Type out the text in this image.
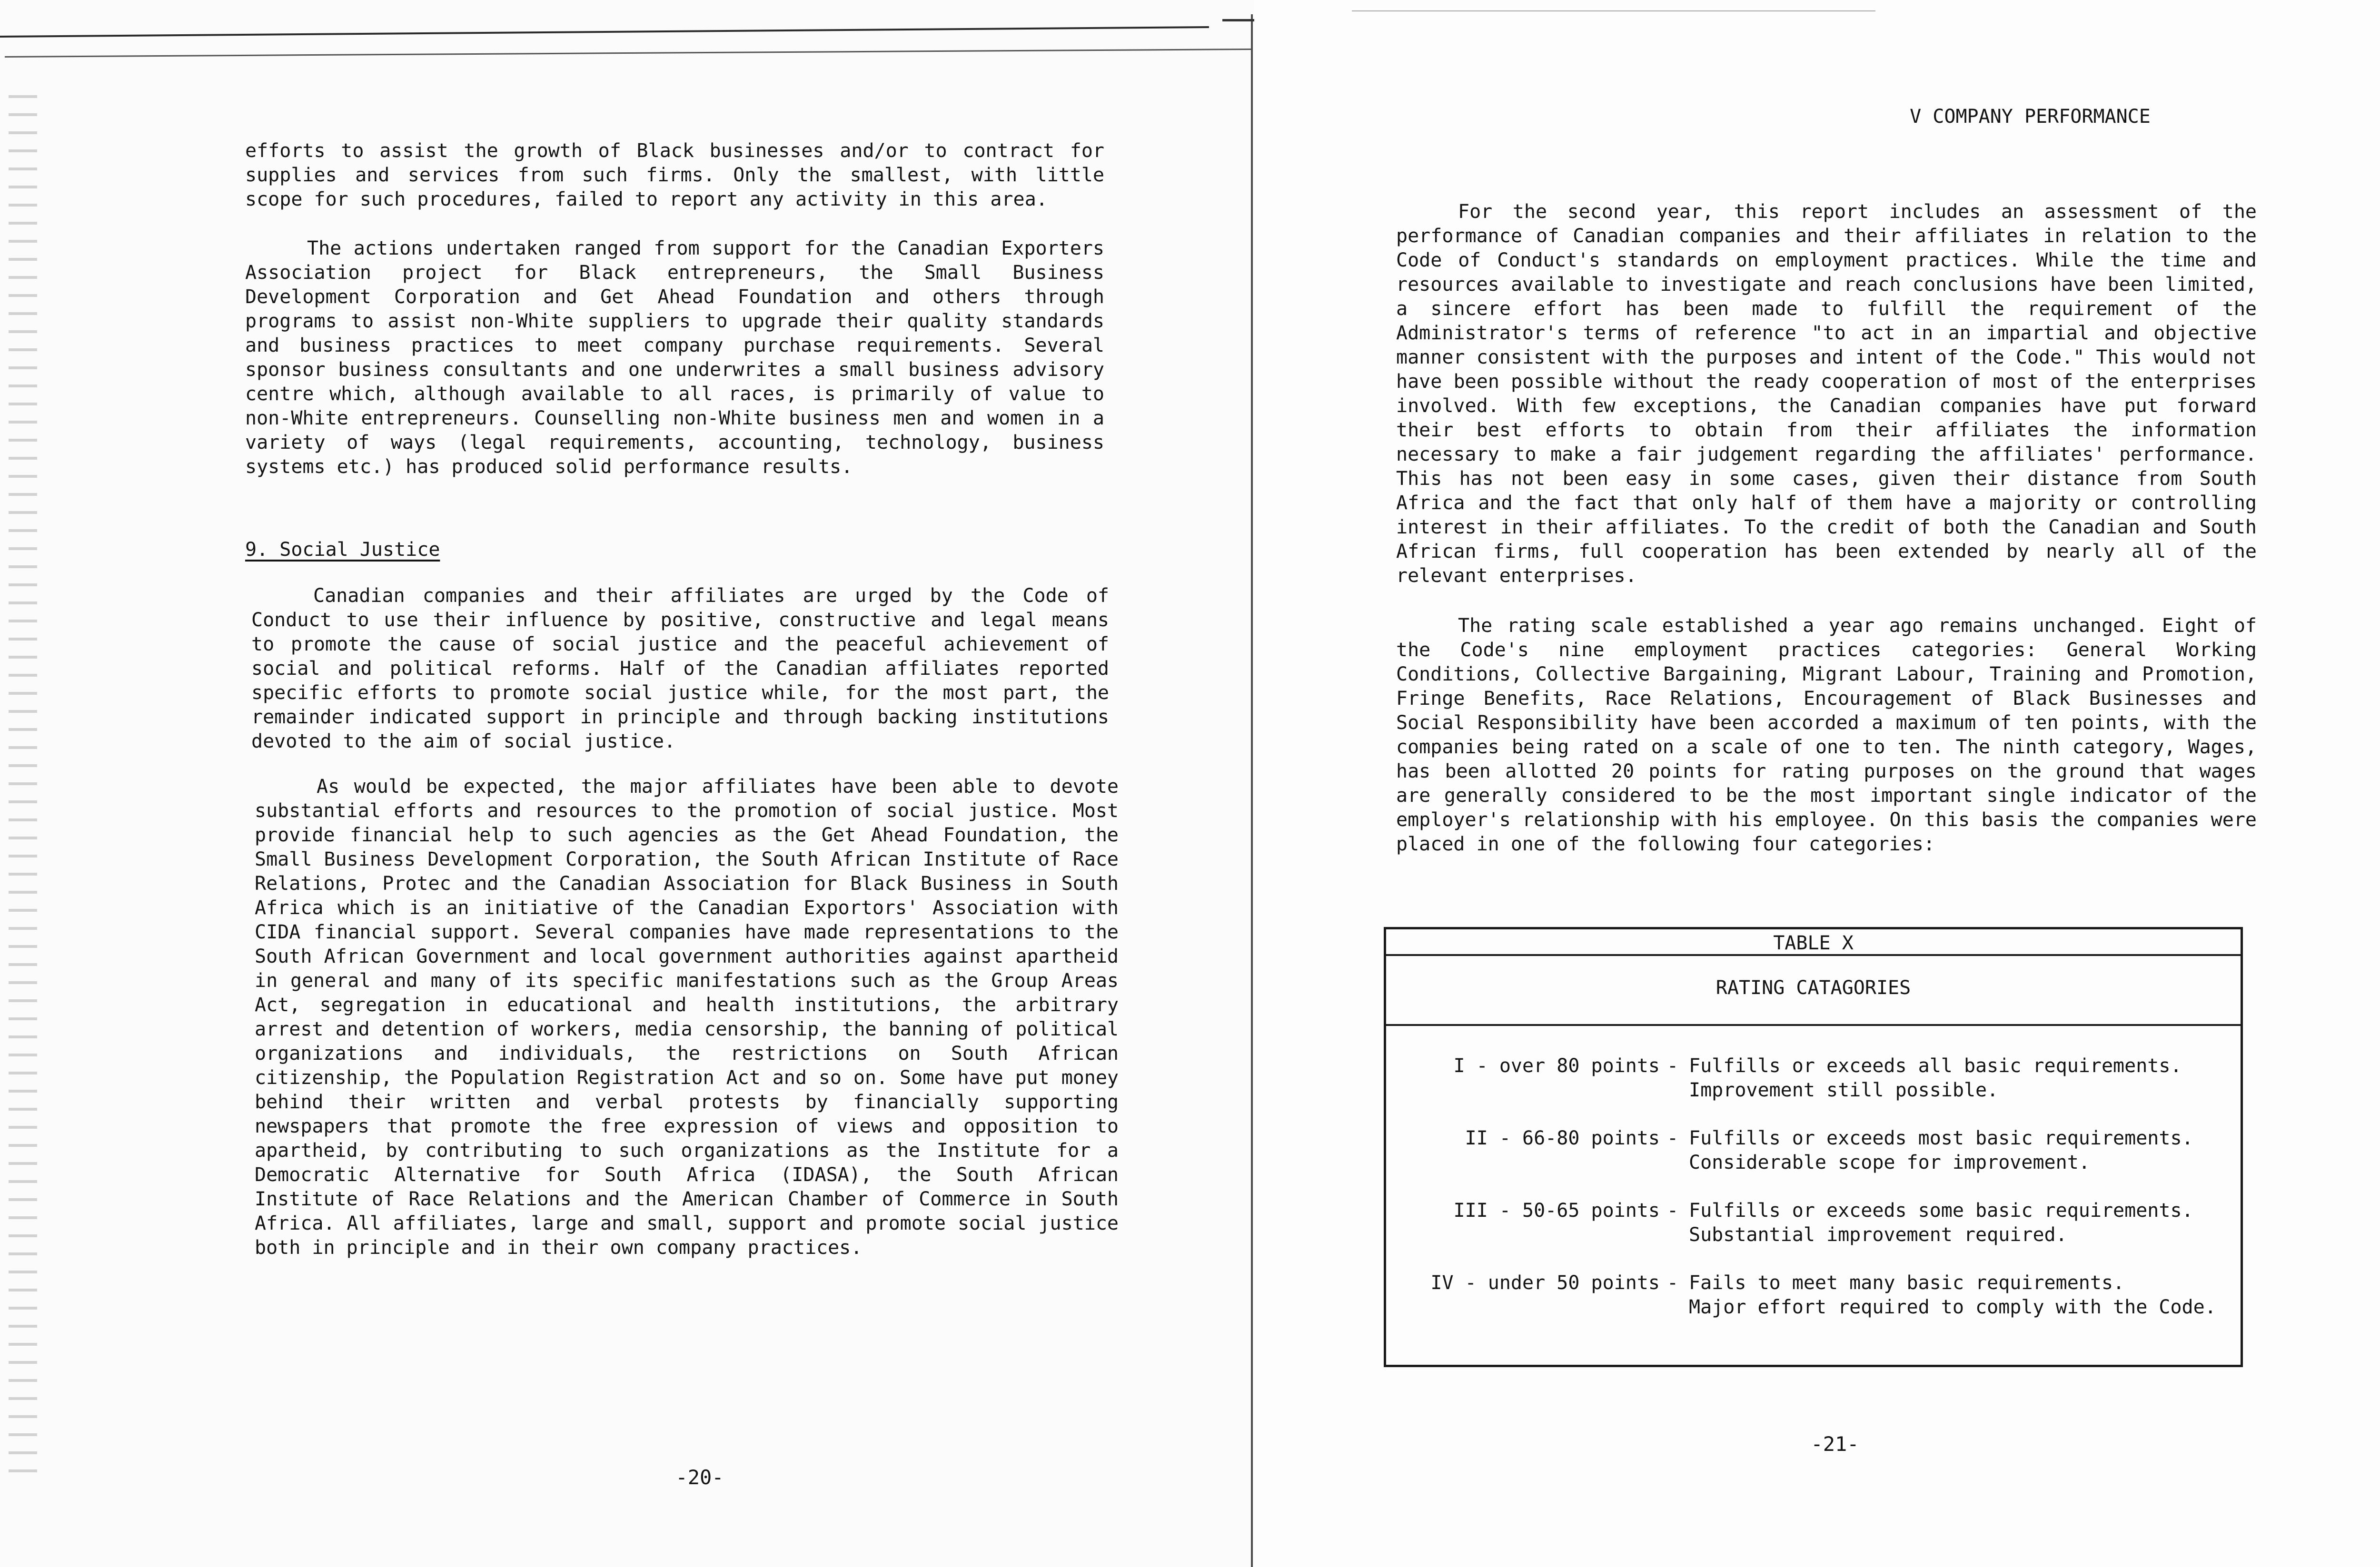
efforts to assist the growth of Black businesses and/or to contract for supplies and services from such firms. Only the smallest, with little scope for such procedures, failed to report any activity in this area.

The actions undertaken ranged from support for the Canadian Exporters Association project for Black entrepreneurs, the Small Business Development Corporation and Get Ahead Foundation and others through programs to assist non-White suppliers to upgrade their quality standards and business practices to meet company purchase requirements. Several sponsor business consultants and one underwrites a small business advisory centre which, although available to all races, is primarily of value to non-White entrepreneurs. Counselling non-White business men and women in a variety of ways (legal requirements, accounting, technology, business systems etc.) has produced solid performance results.

9. Social Justice

Canadian companies and their affiliates are urged by the Code of Conduct to use their influence by positive, constructive and legal means to promote the cause of social justice and the peaceful achievement of social and political reforms. Half of the Canadian affiliates reported specific efforts to promote social justice while, for the most part, the remainder indicated support in principle and through backing institutions devoted to the aim of social justice.

As would be expected, the major affiliates have been able to devote substantial efforts and resources to the promotion of social justice. Most provide financial help to such agencies as the Get Ahead Foundation, the Small Business Development Corporation, the South African Institute of Race Relations, Protec and the Canadian Association for Black Business in South Africa which is an initiative of the Canadian Exportors' Association with CIDA financial support. Several companies have made representations to the South African Government and local government authorities against apartheid in general and many of its specific manifestations such as the Group Areas Act, segregation in educational and health institutions, the arbitrary arrest and detention of workers, media censorship, the banning of political organizations and individuals, the restrictions on South African citizenship, the Population Registration Act and so on. Some have put money behind their written and verbal protests by financially supporting newspapers that promote the free expression of views and opposition to apartheid, by contributing to such organizations as the Institute for a Democratic Alternative for South Africa (IDASA), the South African Institute of Race Relations and the American Chamber of Commerce in South Africa. All affiliates, large and small, support and promote social justice both in principle and in their own company practices.

-20-
V COMPANY PERFORMANCE

For the second year, this report includes an assessment of the performance of Canadian companies and their affiliates in relation to the Code of Conduct's standards on employment practices. While the time and resources available to investigate and reach conclusions have been limited, a sincere effort has been made to fulfill the requirement of the Administrator's terms of reference "to act in an impartial and objective manner consistent with the purposes and intent of the Code." This would not have been possible without the ready cooperation of most of the enterprises involved. With few exceptions, the Canadian companies have put forward their best efforts to obtain from their affiliates the information necessary to make a fair judgement regarding the affiliates' performance. This has not been easy in some cases, given their distance from South Africa and the fact that only half of them have a majority or controlling interest in their affiliates. To the credit of both the Canadian and South African firms, full cooperation has been extended by nearly all of the relevant enterprises.

The rating scale established a year ago remains unchanged. Eight of the Code's nine employment practices categories: General Working Conditions, Collective Bargaining, Migrant Labour, Training and Promotion, Fringe Benefits, Race Relations, Encouragement of Black Businesses and Social Responsibility have been accorded a maximum of ten points, with the companies being rated on a scale of one to ten. The ninth category, Wages, has been allotted 20 points for rating purposes on the ground that wages are generally considered to be the most important single indicator of the employer's relationship with his employee. On this basis the companies were placed in one of the following four categories:

-21-
TABLE X
RATING CATAGORIES
I - over 80 points - Fulfills or exceeds all basic requirements.
Improvement still possible.
II - 66-80 points - Fulfills or exceeds most basic requirements.
Considerable scope for improvement.
III - 50-65 points - Fulfills or exceeds some basic requirements.
Substantial improvement required.
IV - under 50 points - Fails to meet many basic requirements.
Major effort required to comply with the Code.
